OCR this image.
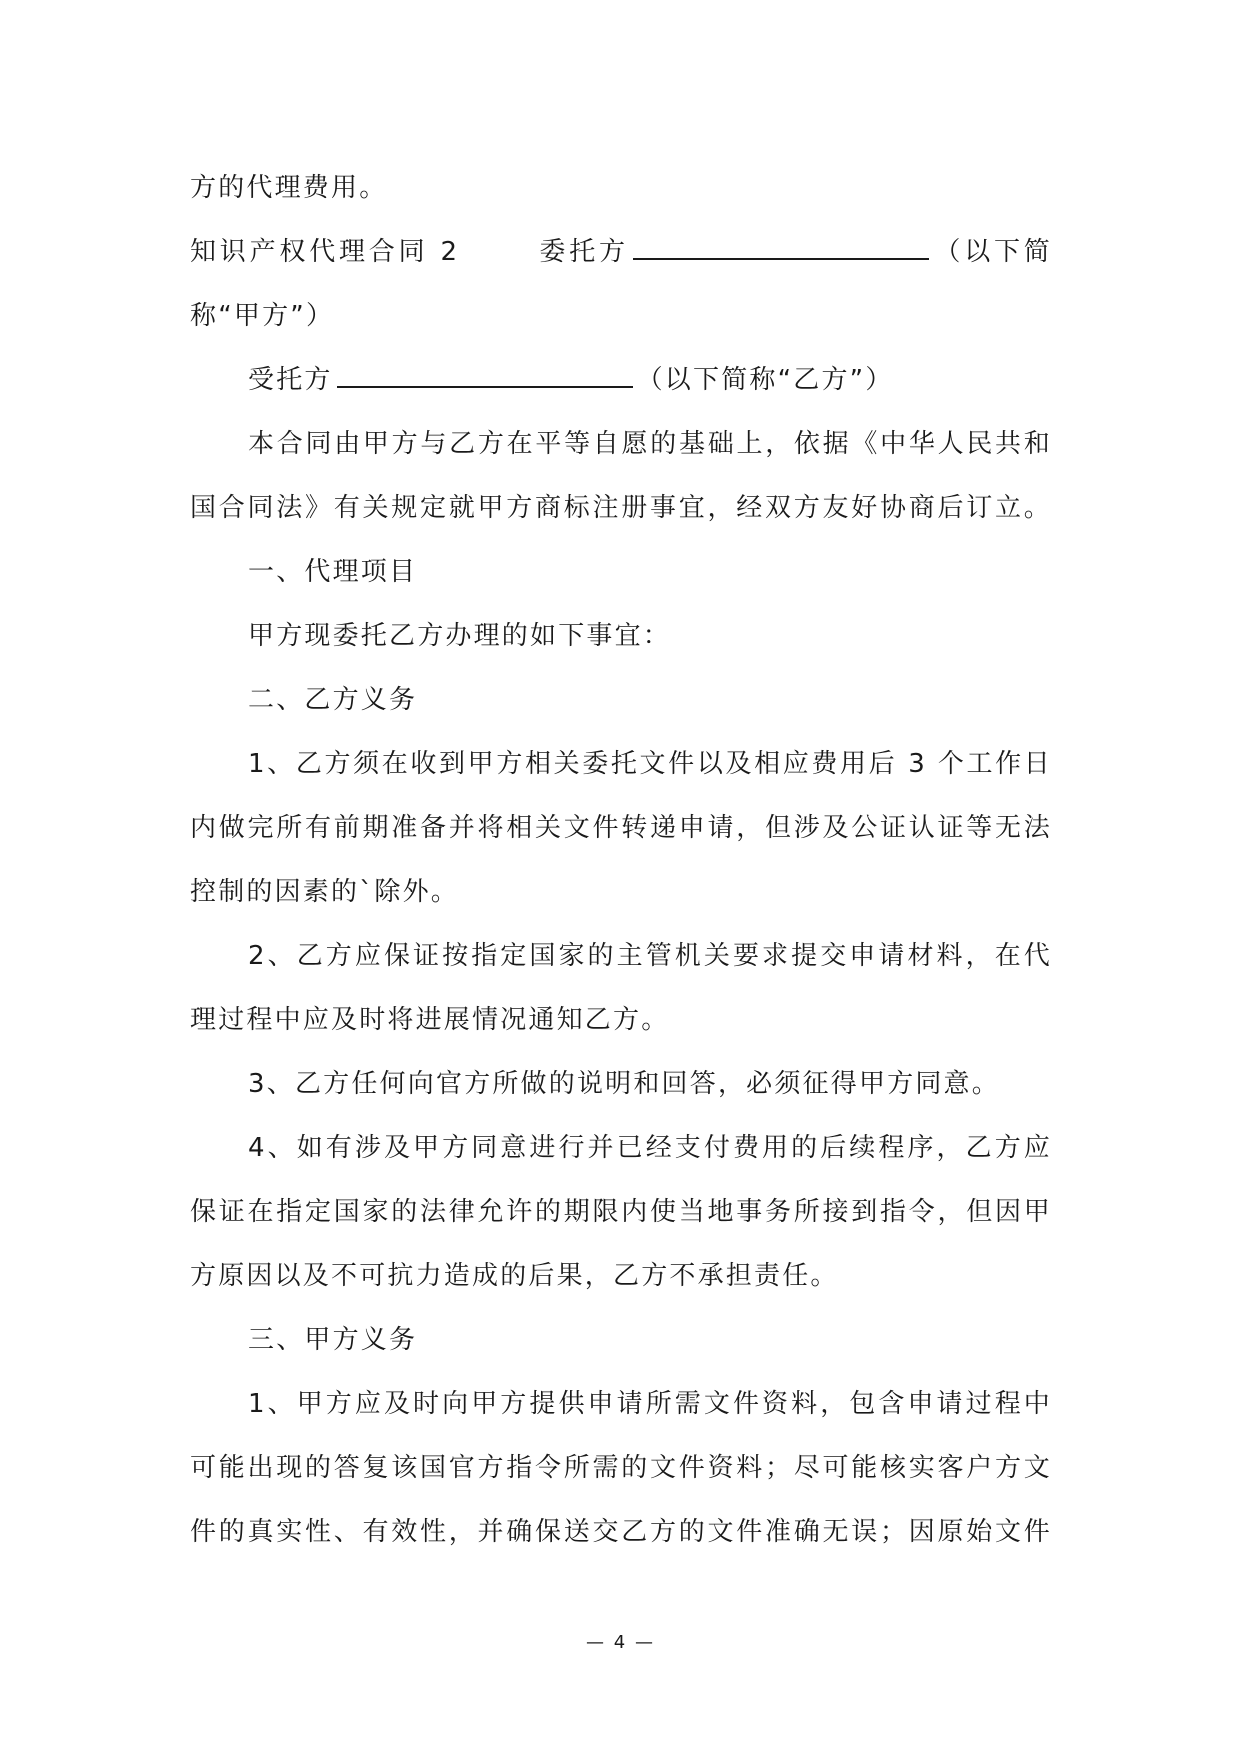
方的代理费用。
知识产权代理合同 2	委托方	（以下简
称“甲方”）
受托方	（以下简称“乙方”）
本合同由甲方与乙方在平等自愿的基础上，依据《中华人民共和
国合同法》有关规定就甲方商标注册事宜，经双方友好协商后订立。
一、代理项目
甲方现委托乙方办理的如下事宜：
二、乙方义务
1、乙方须在收到甲方相关委托文件以及相应费用后 3 个工作日
内做完所有前期准备并将相关文件转递申请，但涉及公证认证等无法
控制的因素的`除外。
2、乙方应保证按指定国家的主管机关要求提交申请材料，在代
理过程中应及时将进展情况通知乙方。
3、乙方任何向官方所做的说明和回答，必须征得甲方同意。
4、如有涉及甲方同意进行并已经支付费用的后续程序，乙方应
保证在指定国家的法律允许的期限内使当地事务所接到指令，但因甲
方原因以及不可抗力造成的后果，乙方不承担责任。
三、甲方义务
1、甲方应及时向甲方提供申请所需文件资料，包含申请过程中
可能出现的答复该国官方指令所需的文件资料；尽可能核实客户方文
件的真实性、有效性，并确保送交乙方的文件准确无误；因原始文件
— 4 —
